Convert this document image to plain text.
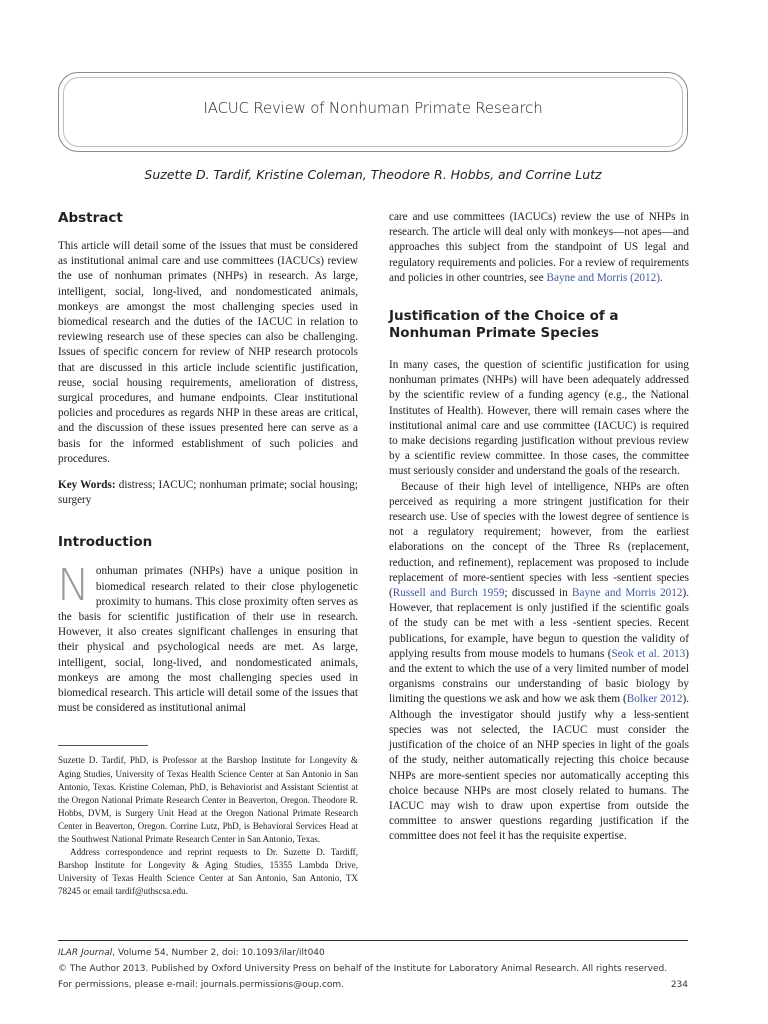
IACUC Review of Nonhuman Primate Research
Suzette D. Tardif, Kristine Coleman, Theodore R. Hobbs, and Corrine Lutz
Abstract

This article will detail some of the issues that must be considered as institutional animal care and use committees (IACUCs) review the use of nonhuman primates (NHPs) in research. As large, intelligent, social, long-lived, and nondomesticated animals, monkeys are amongst the most challenging species used in biomedical research and the duties of the IACUC in relation to reviewing research use of these species can also be challenging. Issues of specific concern for review of NHP research protocols that are discussed in this article include scientific justification, reuse, social housing requirements, amelioration of distress, surgical procedures, and humane endpoints. Clear institutional policies and procedures as regards NHP in these areas are critical, and the discussion of these issues presented here can serve as a basis for the informed establishment of such policies and procedures.

Key Words: distress; IACUC; nonhuman primate; social housing; surgery

Introduction

Nonhuman primates (NHPs) have a unique position in biomedical research related to their close phylogenetic proximity to humans. This close proximity often serves as the basis for scientific justification of their use in research. However, it also creates significant challenges in ensuring that their physical and psychological needs are met. As large, intelligent, social, long-lived, and nondomesticated animals, monkeys are among the most challenging species used in biomedical research. This article will detail some of the issues that must be considered as institutional animal

Suzette D. Tardif, PhD, is Professor at the Barshop Institute for Longevity & Aging Studies, University of Texas Health Science Center at San Antonio in San Antonio, Texas. Kristine Coleman, PhD, is Behaviorist and Assistant Scientist at the Oregon National Primate Research Center in Beaverton, Oregon. Theodore R. Hobbs, DVM, is Surgery Unit Head at the Oregon National Primate Research Center in Beaverton, Oregon. Corrine Lutz, PhD, is Behavioral Services Head at the Southwest National Primate Research Center in San Antonio, Texas.

Address correspondence and reprint requests to Dr. Suzette D. Tardiff, Barshop Institute for Longevity & Aging Studies, 15355 Lambda Drive, University of Texas Health Science Center at San Antonio, San Antonio, TX 78245 or email tardif@uthscsa.edu.

care and use committees (IACUCs) review the use of NHPs in research. The article will deal only with monkeys—not apes—and approaches this subject from the standpoint of US legal and regulatory requirements and policies. For a review of requirements and policies in other countries, see Bayne and Morris (2012).

Justification of the Choice of a Nonhuman Primate Species

In many cases, the question of scientific justification for using nonhuman primates (NHPs) will have been adequately addressed by the scientific review of a funding agency (e.g., the National Institutes of Health). However, there will remain cases where the institutional animal care and use committee (IACUC) is required to make decisions regarding justification without previous review by a scientific review committee. In those cases, the committee must seriously consider and understand the goals of the research.

Because of their high level of intelligence, NHPs are often perceived as requiring a more stringent justification for their research use. Use of species with the lowest degree of sentience is not a regulatory requirement; however, from the earliest elaborations on the concept of the Three Rs (replacement, reduction, and refinement), replacement was proposed to include replacement of more-sentient species with less -sentient species (Russell and Burch 1959; discussed in Bayne and Morris 2012). However, that replacement is only justified if the scientific goals of the study can be met with a less -sentient species. Recent publications, for example, have begun to question the validity of applying results from mouse models to humans (Seok et al. 2013) and the extent to which the use of a very limited number of model organisms constrains our understanding of basic biology by limiting the questions we ask and how we ask them (Bolker 2012). Although the investigator should justify why a less-sentient species was not selected, the IACUC must consider the justification of the choice of an NHP species in light of the goals of the study, neither automatically rejecting this choice because NHPs are more-sentient species nor automatically accepting this choice because NHPs are most closely related to humans. The IACUC may wish to draw upon expertise from outside the committee to answer questions regarding justification if the committee does not feel it has the requisite expertise.

ILAR Journal, Volume 54, Number 2, doi: 10.1093/ilar/ilt040
© The Author 2013. Published by Oxford University Press on behalf of the Institute for Laboratory Animal Research. All rights reserved.
For permissions, please e-mail: journals.permissions@oup.com.	234
